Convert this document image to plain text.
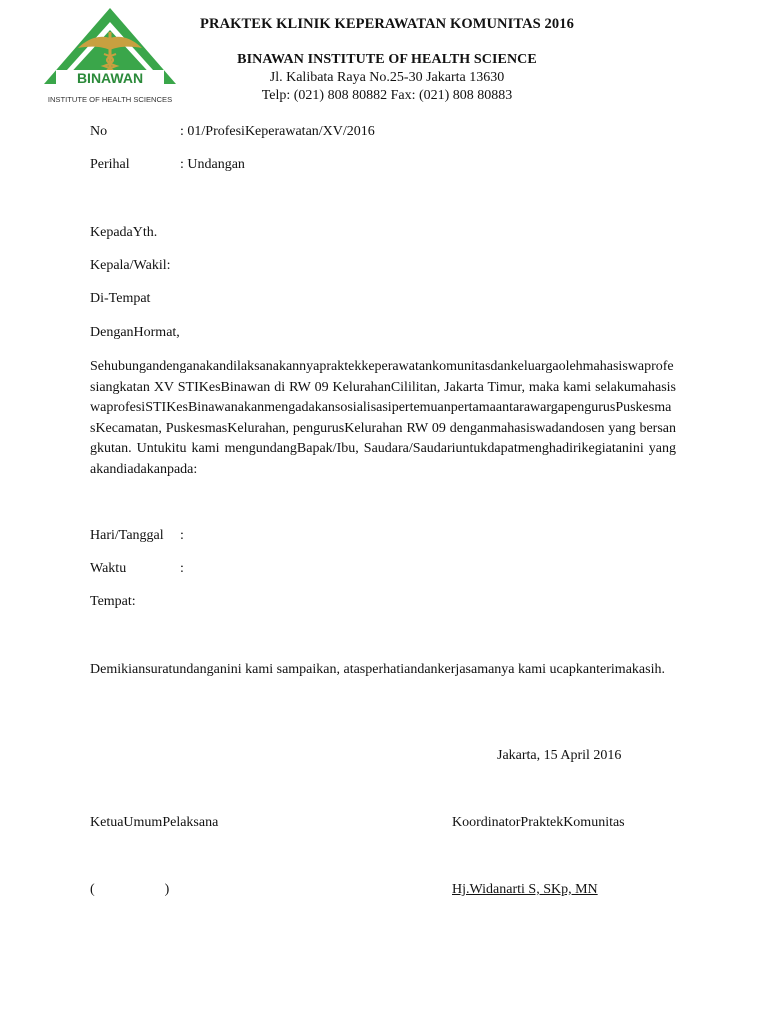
BINAWAN
INSTITUTE OF HEALTH SCIENCES
PRAKTEK KLINIK KEPERAWATAN KOMUNITAS 2016
BINAWAN INSTITUTE OF HEALTH SCIENCE
Jl. Kalibata Raya No.25-30 Jakarta 13630
Telp: (021) 808 80882 Fax: (021) 808 80883
No	: 01/ProfesiKeperawatan/XV/2016
Perihal	: Undangan
KepadaYth.
Kepala/Wakil:
Di-Tempat
DenganHormat,
Sehubungandenganakandilaksanakannyapraktekkeperawatankomunitasdankeluargaolehmahasiswaprofesiangkatan XV STIKesBinawan di RW 09 KelurahanCililitan, Jakarta Timur, maka kami selakumahasiswaprofesiSTIKesBinawanakanmengadakansosialisasipertemuanpertamaantarawargapengurusPuskesmasKecamatan, PuskesmasKelurahan, pengurusKelurahan RW 09 denganmahasiswadandosen yang bersangkutan. Untukitu kami mengundangBapak/Ibu, Saudara/Saudariuntukdapatmenghadirikegiatanini yang akandiadakanpada:
Hari/Tanggal :
Waktu	:
Tempat:
Demikiansuratundanganini kami sampaikan, atasperhatiandankerjasamanya kami ucapkanterimakasih.
Jakarta, 15 April 2016
KetuaUmumPelaksana	KoordinatorPraktekKomunitas
(                    )	Hj.Widanarti S, SKp, MN
